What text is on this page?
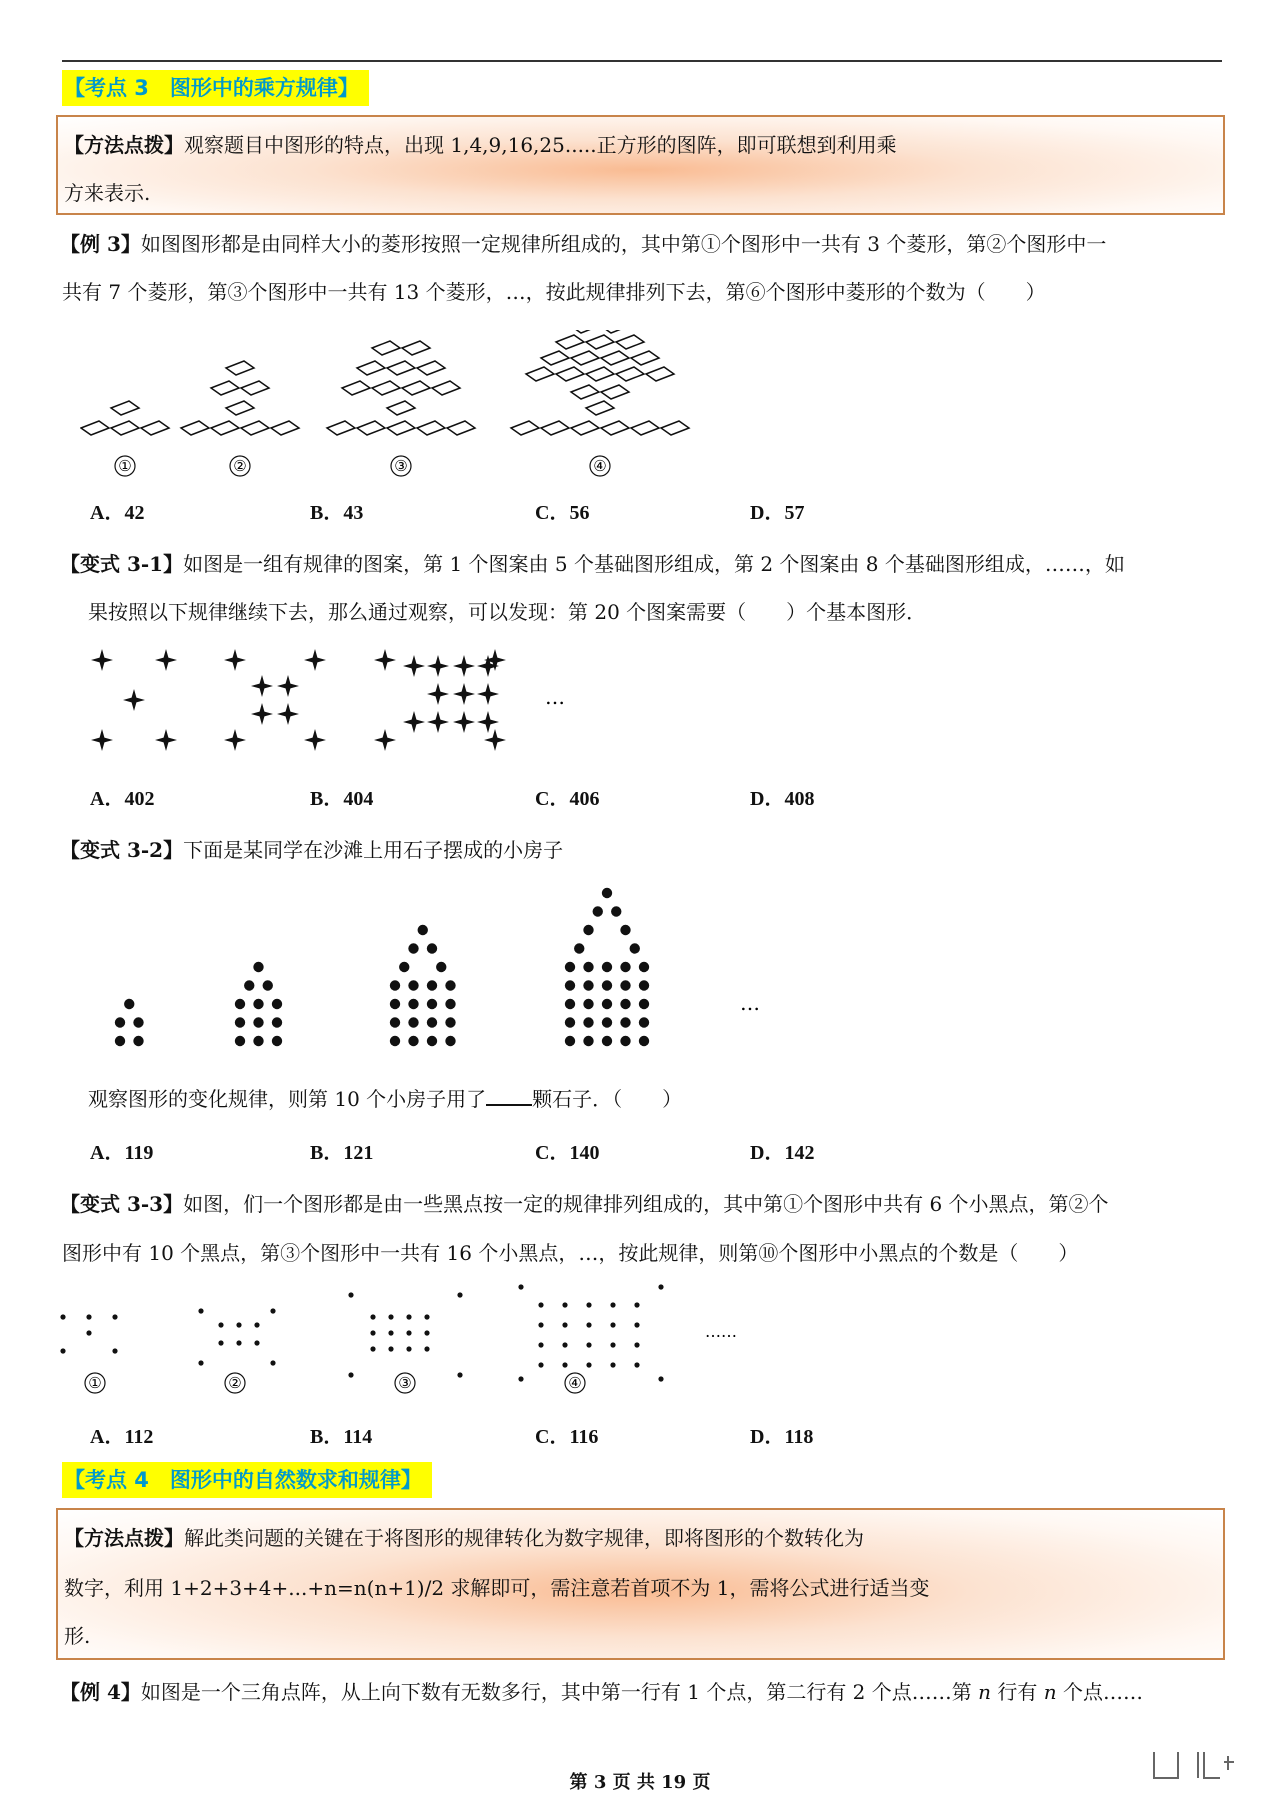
【考点 3　图形中的乘方规律】
【方法点拨】观察题目中图形的特点，出现 1,4,9,16,25.....正方形的图阵，即可联想到利用乘
方来表示.
【例 3】如图图形都是由同样大小的菱形按照一定规律所组成的，其中第①个图形中一共有 3 个菱形，第②个图形中一
共有 7 个菱形，第③个图形中一共有 13 个菱形，…，按此规律排列下去，第⑥个图形中菱形的个数为（　　）
①	②	③	④
A．42	B．43	C．56	D．57
【变式 3-1】如图是一组有规律的图案，第 1 个图案由 5 个基础图形组成，第 2 个图案由 8 个基础图形组成，……，如
果按照以下规律继续下去，那么通过观察，可以发现：第 20 个图案需要（　　）个基本图形．
…
A．402	B．404	C．406	D．408
【变式 3-2】下面是某同学在沙滩上用石子摆成的小房子
…
观察图形的变化规律，则第 10 个小房子用了 颗石子．（　　）
A．119	B．121	C．140	D．142
【变式 3-3】如图，们一个图形都是由一些黑点按一定的规律排列组成的，其中第①个图形中共有 6 个小黑点，第②个
图形中有 10 个黑点，第③个图形中一共有 16 个小黑点，…，按此规律，则第⑩个图形中小黑点的个数是（　　）
①	②	③	④
……
A．112	B．114	C．116	D．118
【考点 4　图形中的自然数求和规律】
【方法点拨】解此类问题的关键在于将图形的规律转化为数字规律，即将图形的个数转化为
数字，利用 1+2+3+4+...+n=n(n+1)/2 求解即可，需注意若首项不为 1，需将公式进行适当变
形.
【例 4】如图是一个三角点阵，从上向下数有无数多行，其中第一行有 1 个点，第二行有 2 个点……第 n 行有 n 个点……
第 3 页 共 19 页
